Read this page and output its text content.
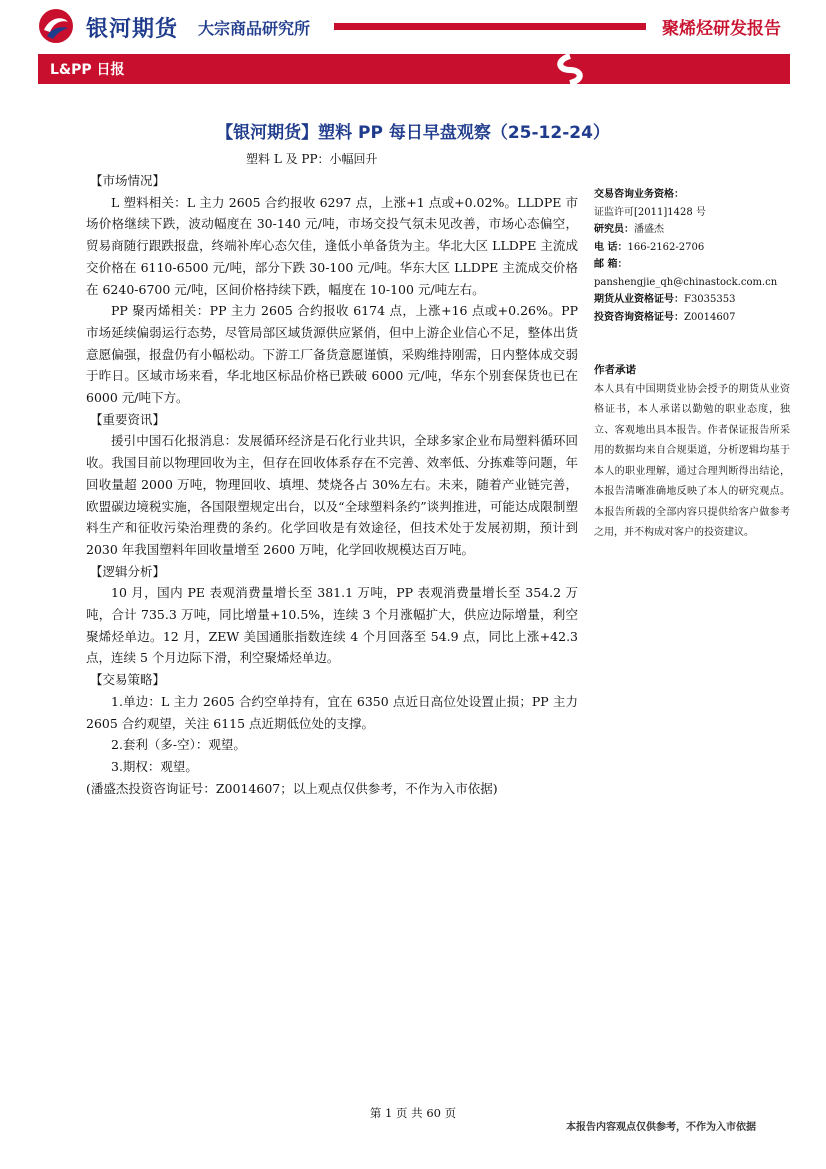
银河期货 大宗商品研究所	聚烯烃研发报告
L&PP 日报
【银河期货】塑料 PP 每日早盘观察（25-12-24）
塑料 L 及 PP：小幅回升
【市场情况】

L 塑料相关：L 主力 2605 合约报收 6297 点，上涨+1 点或+0.02%。LLDPE 市场价格继续下跌，波动幅度在 30-140 元/吨，市场交投气氛未见改善，市场心态偏空，贸易商随行跟跌报盘，终端补库心态欠佳，逢低小单备货为主。华北大区 LLDPE 主流成交价格在 6110-6500 元/吨，部分下跌 30-100 元/吨。华东大区 LLDPE 主流成交价格在 6240-6700 元/吨，区间价格持续下跌，幅度在 10-100 元/吨左右。

PP 聚丙烯相关：PP 主力 2605 合约报收 6174 点，上涨+16 点或+0.26%。PP 市场延续偏弱运行态势，尽管局部区域货源供应紧俏，但中上游企业信心不足，整体出货意愿偏强，报盘仍有小幅松动。下游工厂备货意愿谨慎，采购维持刚需，日内整体成交弱于昨日。区域市场来看，华北地区标品价格已跌破 6000 元/吨，华东个别套保货也已在 6000 元/吨下方。

【重要资讯】

援引中国石化报消息：发展循环经济是石化行业共识，全球多家企业布局塑料循环回收。我国目前以物理回收为主，但存在回收体系存在不完善、效率低、分拣难等问题，年回收量超 2000 万吨，物理回收、填埋、焚烧各占 30%左右。未来，随着产业链完善，欧盟碳边境税实施，各国限塑规定出台，以及“全球塑料条约”谈判推进，可能达成限制塑料生产和征收污染治理费的条约。化学回收是有效途径，但技术处于发展初期，预计到 2030 年我国塑料年回收量增至 2600 万吨，化学回收规模达百万吨。

【逻辑分析】

10 月，国内 PE 表观消费量增长至 381.1 万吨，PP 表观消费量增长至 354.2 万吨，合计 735.3 万吨，同比增量+10.5%，连续 3 个月涨幅扩大，供应边际增量，利空聚烯烃单边。12 月，ZEW 美国通胀指数连续 4 个月回落至 54.9 点，同比上涨+42.3 点，连续 5 个月边际下滑，利空聚烯烃单边。

【交易策略】

1.单边：L 主力 2605 合约空单持有，宜在 6350 点近日高位处设置止损；PP 主力 2605 合约观望，关注 6115 点近期低位处的支撑。

2.套利（多-空）：观望。

3.期权：观望。

(潘盛杰投资咨询证号：Z0014607；以上观点仅供参考，不作为入市依据)

交易咨询业务资格：
证监许可[2011]1428 号
研究员：潘盛杰
电 话：166-2162-2706
邮 箱：
panshengjie_qh@chinastock.com.cn
期货从业资格证号：F3035353
投资咨询资格证号：Z0014607
作者承诺
本人具有中国期货业协会授予的期货从业资格证书，本人承诺以勤勉的职业态度，独立、客观地出具本报告。作者保证报告所采用的数据均来自合规渠道，分析逻辑均基于本人的职业理解，通过合理判断得出结论，本报告清晰准确地反映了本人的研究观点。本报告所载的全部内容只提供给客户做参考之用，并不构成对客户的投资建议。
第 1 页 共 60 页
本报告内容观点仅供参考，不作为入市依据
